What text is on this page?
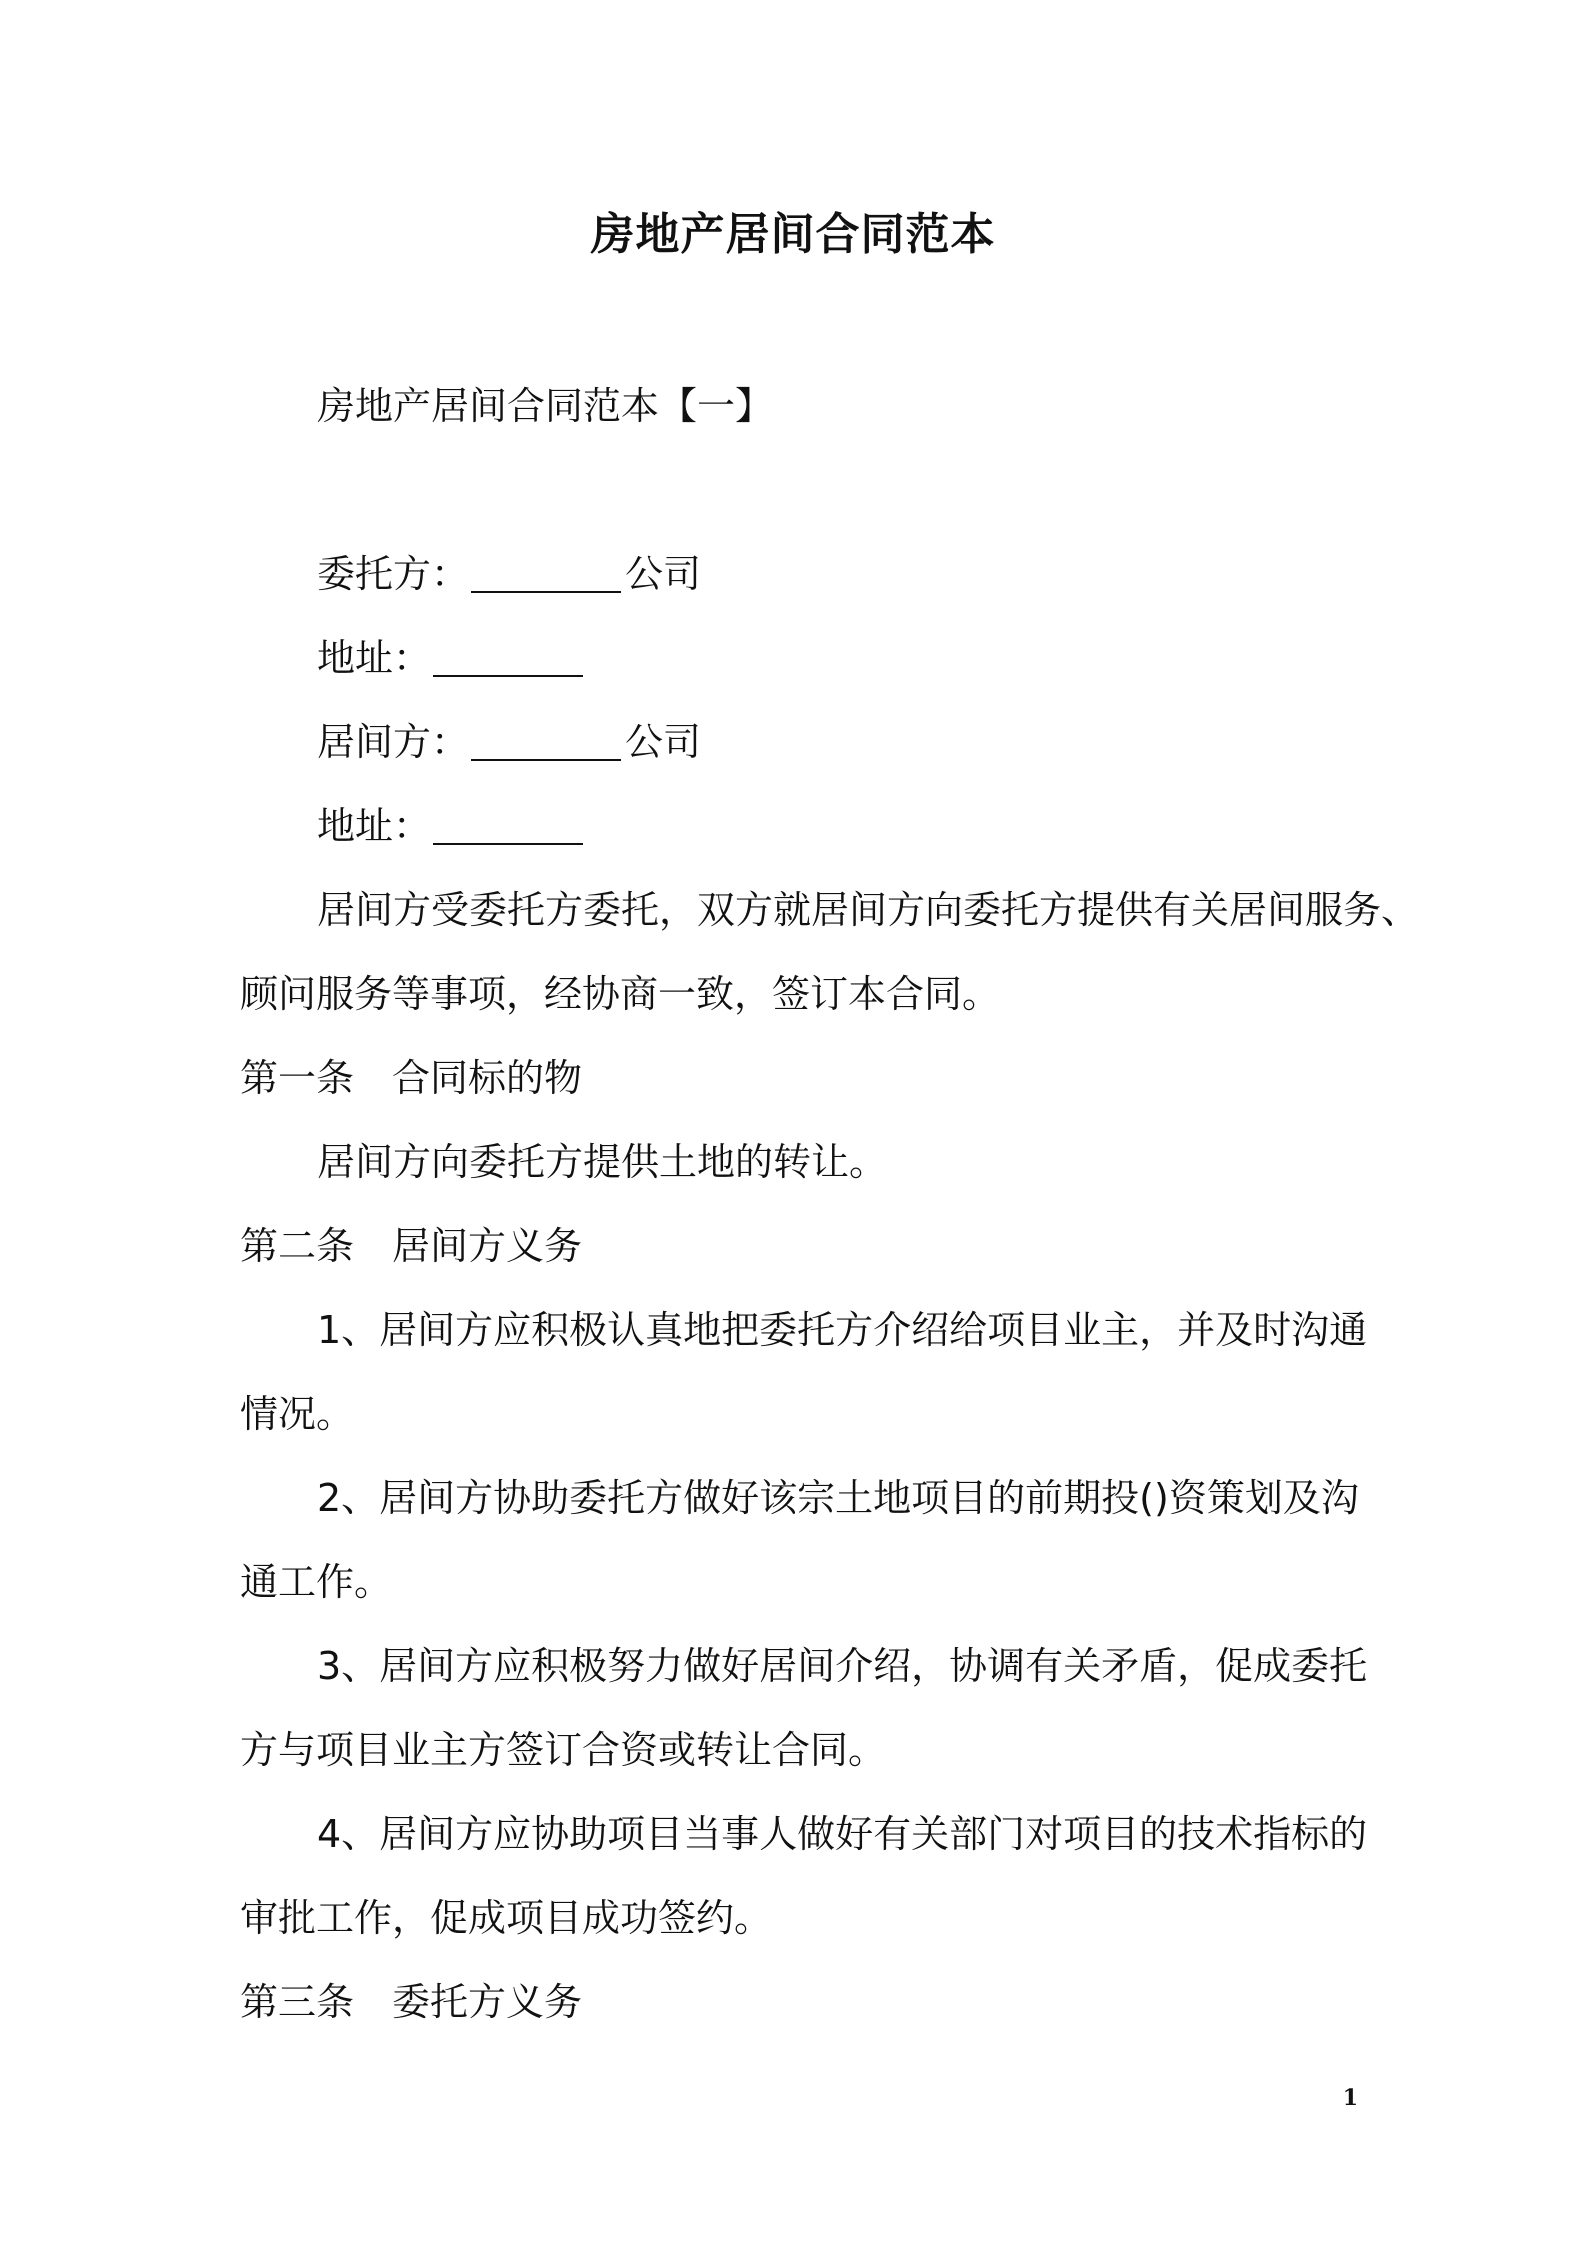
房地产居间合同范本
房地产居间合同范本【一】
委托方：	公司
地址：
居间方：	公司
地址：
居间方受委托方委托，双方就居间方向委托方提供有关居间服务、
顾问服务等事项，经协商一致，签订本合同。
第一条 合同标的物
居间方向委托方提供土地的转让。
第二条 居间方义务
1、居间方应积极认真地把委托方介绍给项目业主，并及时沟通
情况。
2、居间方协助委托方做好该宗土地项目的前期投()资策划及沟
通工作。
3、居间方应积极努力做好居间介绍，协调有关矛盾，促成委托
方与项目业主方签订合资或转让合同。
4、居间方应协助项目当事人做好有关部门对项目的技术指标的
审批工作，促成项目成功签约。
第三条 委托方义务
1
